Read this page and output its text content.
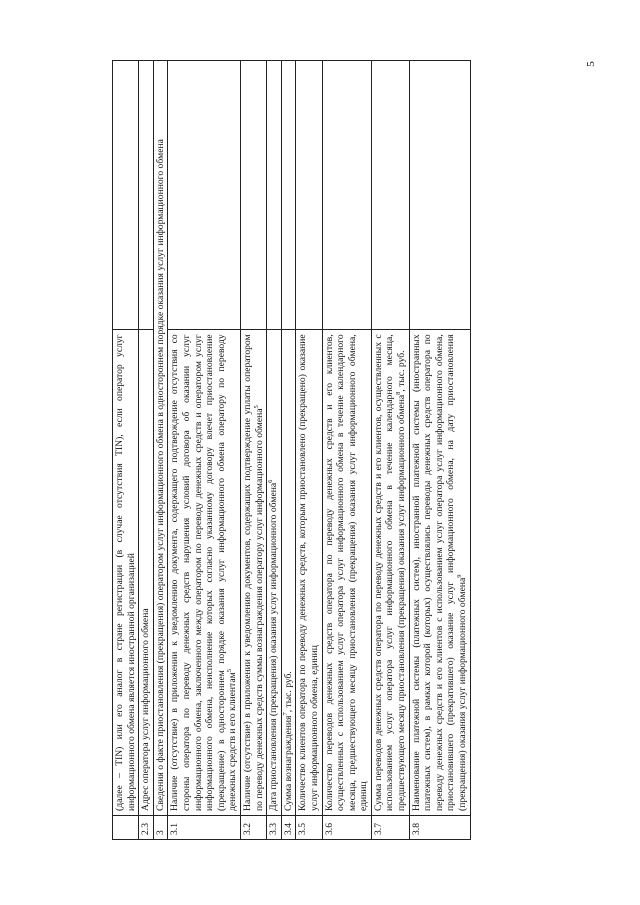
5
	(далее – TIN) или его аналог в стране регистрации (в случае отсутствия TIN), если оператор услуг информационного обмена является иностранной организацией	
2.3	Адрес оператора услуг информационного обмена	
3	Сведения о факте приостановления (прекращения) оператором услуг информационного обмена в одностороннем порядке оказания услуг информационного обмена	
3.1	Наличие (отсутствие) в приложении к уведомлению документа, содержащего подтверждение отсутствия со стороны оператора по переводу денежных средств нарушения условий договора об оказании услуг информационного обмена, заключенного между оператором по переводу денежных средств и оператором услуг информационного обмена, неисполнение которых согласно указанному договору влечет приостановление (прекращение) в одностороннем порядке оказания услуг информационного обмена оператору по переводу денежных средств и его клиентам$^5$	
3.2	Наличие (отсутствие) в приложении к уведомлению документов, содержащих подтверждение уплаты оператором по переводу денежных средств суммы вознаграждения оператору услуг информационного обмена$^5$	
3.3	Дата приостановления (прекращения) оказания услуг информационного обмена$^6$	
3.4	Сумма вознаграждения$^7$, тыс. руб.	
3.5	Количество клиентов оператора по переводу денежных средств, которым приостановлено (прекращено) оказание услуг информационного обмена, единиц	
3.6	Количество переводов денежных средств оператора по переводу денежных средств и его клиентов, осуществленных с использованием услуг оператора услуг информационного обмена в течение календарного месяца, предшествующего месяцу приостановления (прекращения) оказания услуг информационного обмена, единиц	
3.7	Сумма переводов денежных средств оператора по переводу денежных средств и его клиентов, осуществленных с использованием услуг оператора услуг информационного обмена в течение календарного месяца, предшествующего месяцу приостановления (прекращения) оказания услуг информационного обмена$^8$, тыс. руб.	
3.8	Наименование платежной системы (платежных систем), иностранной платежной системы (иностранных платежных систем), в рамках которой (которых) осуществлялись переводы денежных средств оператора по переводу денежных средств и его клиентов с использованием услуг оператора услуг информационного обмена, приостановившего (прекратившего) оказание услуг информационного обмена, на дату приостановления (прекращения) оказания услуг информационного обмена$^9$	
